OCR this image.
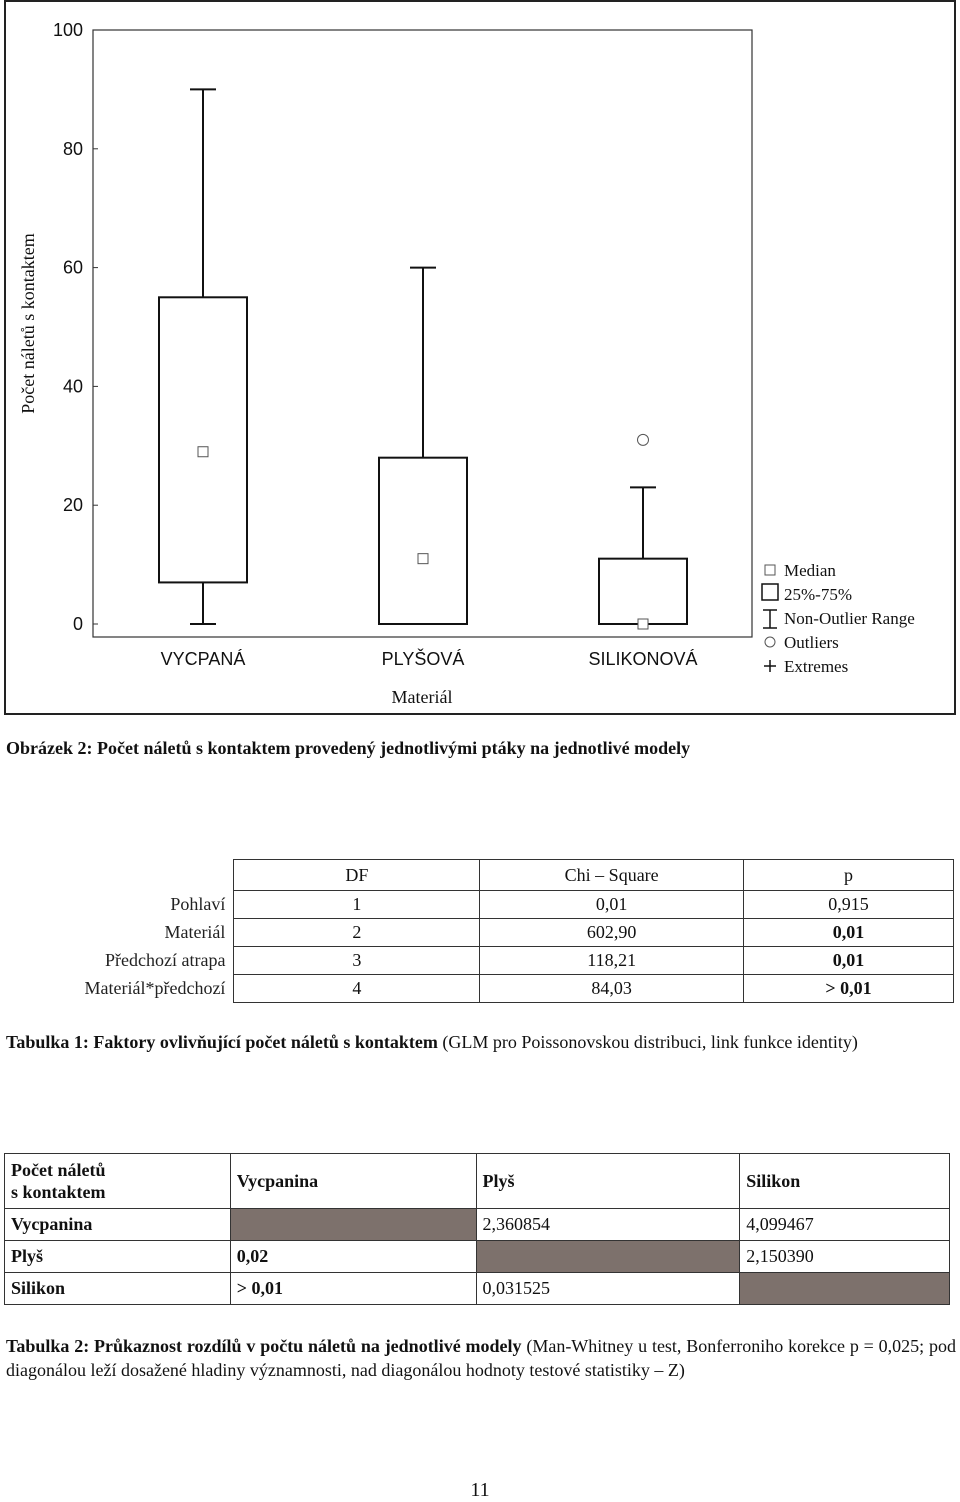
0
20
40
60
80
100
Počet náletů s kontaktem
Materiál
VYCPANÁ	PLYŠOVÁ	SILIKONOVÁ
Median
25%-75%
Non-Outlier Range
Outliers
Extremes
Obrázek 2: Počet náletů s kontaktem provedený jednotlivými ptáky na jednotlivé modely
	DF	Chi – Square	p
Pohlaví	1	0,01	0,915
Materiál	2	602,90	0,01
Předchozí atrapa	3	118,21	0,01
Materiál*předchozí	4	84,03	> 0,01
Tabulka 1: Faktory ovlivňující počet náletů s kontaktem (GLM pro Poissonovskou distribuci, link funkce identity)
Počet náletů
s kontaktem	Vycpanina	Plyš	Silikon
Vycpanina		2,360854	4,099467
Plyš	0,02		2,150390
Silikon	> 0,01	0,031525	
Tabulka 2: Průkaznost rozdílů v počtu náletů na jednotlivé modely (Man-Whitney u test, Bonferroniho korekce p = 0,025; pod diagonálou leží dosažené hladiny významnosti, nad diagonálou hodnoty testové statistiky – Z)
11
